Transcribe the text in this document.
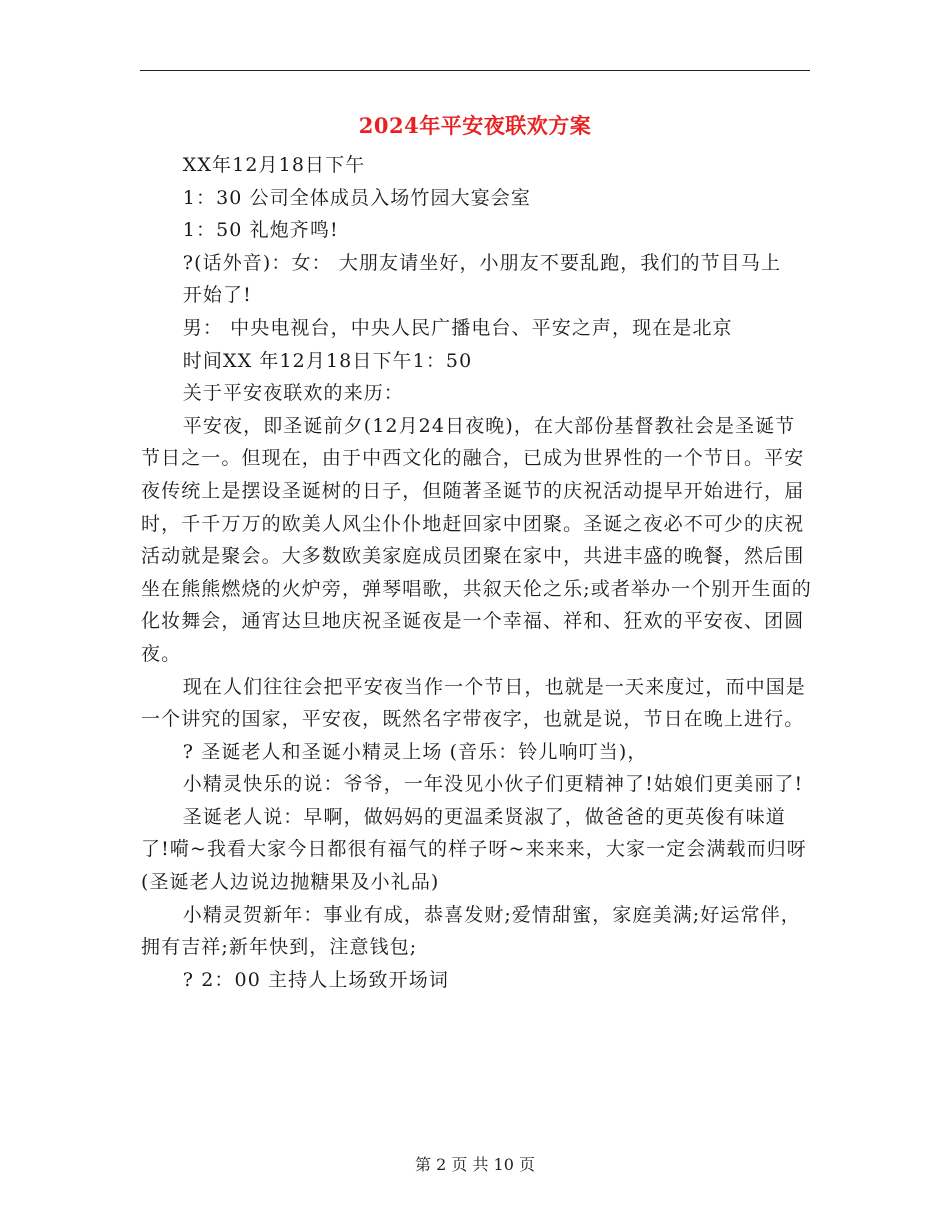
2024年平安夜联欢方案

XX年12月18日下午

1：30 公司全体成员入场竹园大宴会室

1：50 礼炮齐鸣!

?(话外音)：女： 大朋友请坐好，小朋友不要乱跑，我们的节目马上

开始了!

男： 中央电视台，中央人民广播电台、平安之声，现在是北京

时间XX 年12月18日下午1：50

关于平安夜联欢的来历：

平安夜，即圣诞前夕(12月24日夜晚)，在大部份基督教社会是圣诞节节日之一。但现在，由于中西文化的融合，已成为世界性的一个节日。平安夜传统上是摆设圣诞树的日子，但随著圣诞节的庆祝活动提早开始进行，届时，千千万万的欧美人风尘仆仆地赶回家中团聚。圣诞之夜必不可少的庆祝活动就是聚会。大多数欧美家庭成员团聚在家中，共进丰盛的晚餐，然后围坐在熊熊燃烧的火炉旁，弹琴唱歌，共叙天伦之乐;或者举办一个别开生面的化妆舞会，通宵达旦地庆祝圣诞夜是一个幸福、祥和、狂欢的平安夜、团圆夜。

现在人们往往会把平安夜当作一个节日，也就是一天来度过，而中国是一个讲究的国家，平安夜，既然名字带夜字，也就是说，节日在晚上进行。

? 圣诞老人和圣诞小精灵上场 (音乐：铃儿响叮当)，

小精灵快乐的说：爷爷，一年没见小伙子们更精神了!姑娘们更美丽了!

圣诞老人说：早啊，做妈妈的更温柔贤淑了，做爸爸的更英俊有味道了!嗬~我看大家今日都很有福气的样子呀~来来来，大家一定会满载而归呀(圣诞老人边说边抛糖果及小礼品)

小精灵贺新年：事业有成，恭喜发财;爱情甜蜜，家庭美满;好运常伴，拥有吉祥;新年快到，注意钱包;

? 2：00 主持人上场致开场词

第 2 页 共 10 页
